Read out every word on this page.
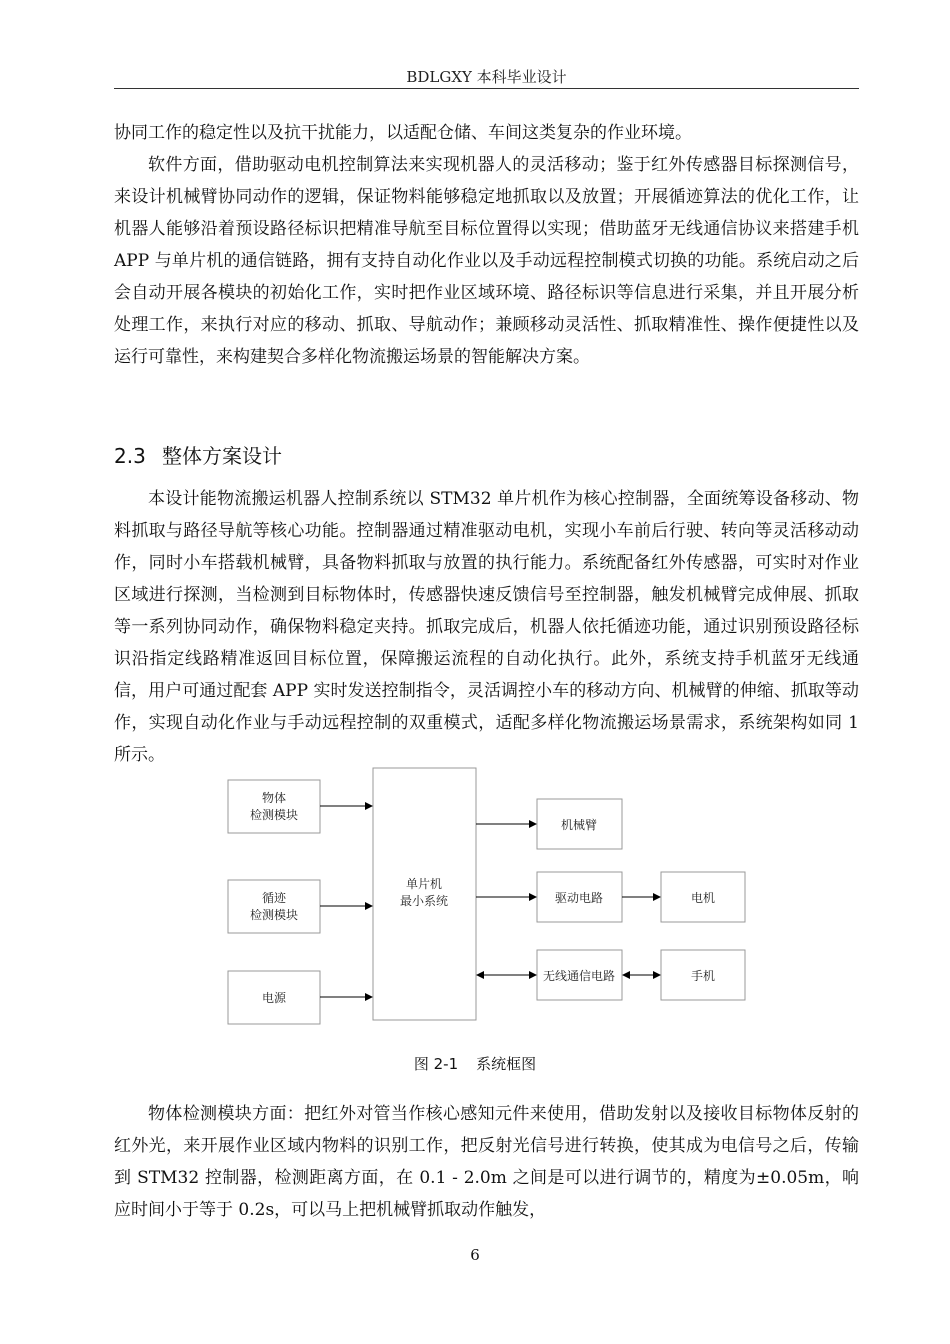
BDLGXY 本科毕业设计

协同工作的稳定性以及抗干扰能力，以适配仓储、车间这类复杂的作业环境。

软件方面，借助驱动电机控制算法来实现机器人的灵活移动；鉴于红外传感器目标探测信号，来设计机械臂协同动作的逻辑，保证物料能够稳定地抓取以及放置；开展循迹算法的优化工作，让机器人能够沿着预设路径标识把精准导航至目标位置得以实现；借助蓝牙无线通信协议来搭建手机 APP 与单片机的通信链路，拥有支持自动化作业以及手动远程控制模式切换的功能。系统启动之后会自动开展各模块的初始化工作，实时把作业区域环境、路径标识等信息进行采集，并且开展分析处理工作，来执行对应的移动、抓取、导航动作；兼顾移动灵活性、抓取精准性、操作便捷性以及运行可靠性，来构建契合多样化物流搬运场景的智能解决方案。

2.3 整体方案设计

本设计能物流搬运机器人控制系统以 STM32 单片机作为核心控制器，全面统筹设备移动、物料抓取与路径导航等核心功能。控制器通过精准驱动电机，实现小车前后行驶、转向等灵活移动动作，同时小车搭载机械臂，具备物料抓取与放置的执行能力。系统配备红外传感器，可实时对作业区域进行探测，当检测到目标物体时，传感器快速反馈信号至控制器，触发机械臂完成伸展、抓取等一系列协同动作，确保物料稳定夹持。抓取完成后，机器人依托循迹功能，通过识别预设路径标识沿指定线路精准返回目标位置，保障搬运流程的自动化执行。此外，系统支持手机蓝牙无线通信，用户可通过配套 APP 实时发送控制指令，灵活调控小车的移动方向、机械臂的伸缩、抓取等动作，实现自动化作业与手动远程控制的双重模式，适配多样化物流搬运场景需求，系统架构如同 1 所示。

物体
检测模块
循迹
检测模块
电源
单片机
最小系统
机械臂
驱动电路	电机
无线通信电路	手机
图 2-1 系统框图

物体检测模块方面：把红外对管当作核心感知元件来使用，借助发射以及接收目标物体反射的红外光，来开展作业区域内物料的识别工作，把反射光信号进行转换，使其成为电信号之后，传输到 STM32 控制器，检测距离方面，在 0.1 - 2.0m 之间是可以进行调节的，精度为±0.05m，响应时间小于等于 0.2s，可以马上把机械臂抓取动作触发，

6
